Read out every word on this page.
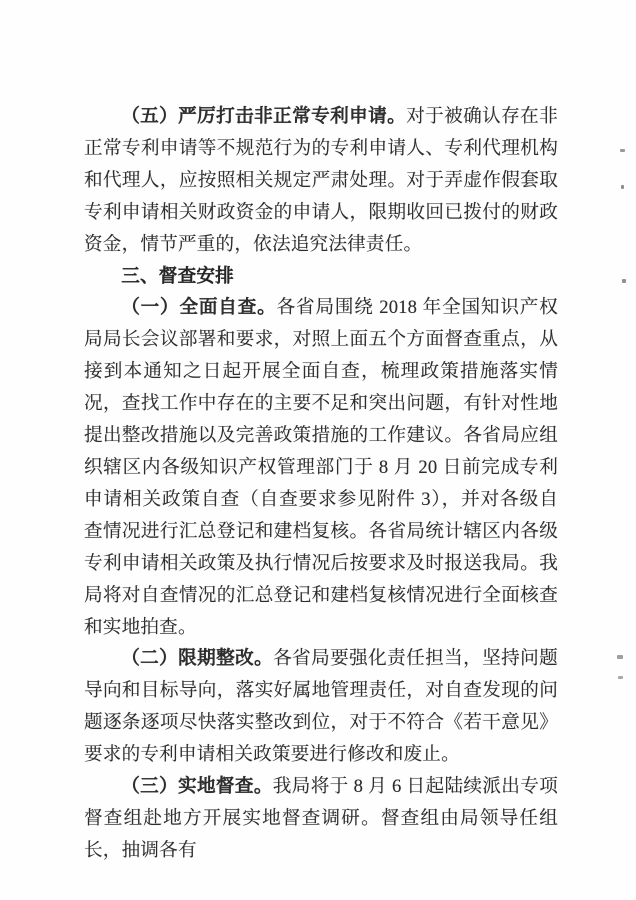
（五）严厉打击非正常专利申请。对于被确认存在非正常专利申请等不规范行为的专利申请人、专利代理机构和代理人，应按照相关规定严肃处理。对于弄虚作假套取专利申请相关财政资金的申请人，限期收回已拨付的财政资金，情节严重的，依法追究法律责任。

三、督查安排

（一）全面自查。各省局围绕 2018 年全国知识产权局局长会议部署和要求，对照上面五个方面督查重点，从接到本通知之日起开展全面自查，梳理政策措施落实情况，查找工作中存在的主要不足和突出问题，有针对性地提出整改措施以及完善政策措施的工作建议。各省局应组织辖区内各级知识产权管理部门于 8 月 20 日前完成专利申请相关政策自查（自查要求参见附件 3），并对各级自查情况进行汇总登记和建档复核。各省局统计辖区内各级专利申请相关政策及执行情况后按要求及时报送我局。我局将对自查情况的汇总登记和建档复核情况进行全面核查和实地拍查。

（二）限期整改。各省局要强化责任担当，坚持问题导向和目标导向，落实好属地管理责任，对自查发现的问题逐条逐项尽快落实整改到位，对于不符合《若干意见》要求的专利申请相关政策要进行修改和废止。

（三）实地督查。我局将于 8 月 6 日起陆续派出专项督查组赴地方开展实地督查调研。督查组由局领导任组长，抽调各有
